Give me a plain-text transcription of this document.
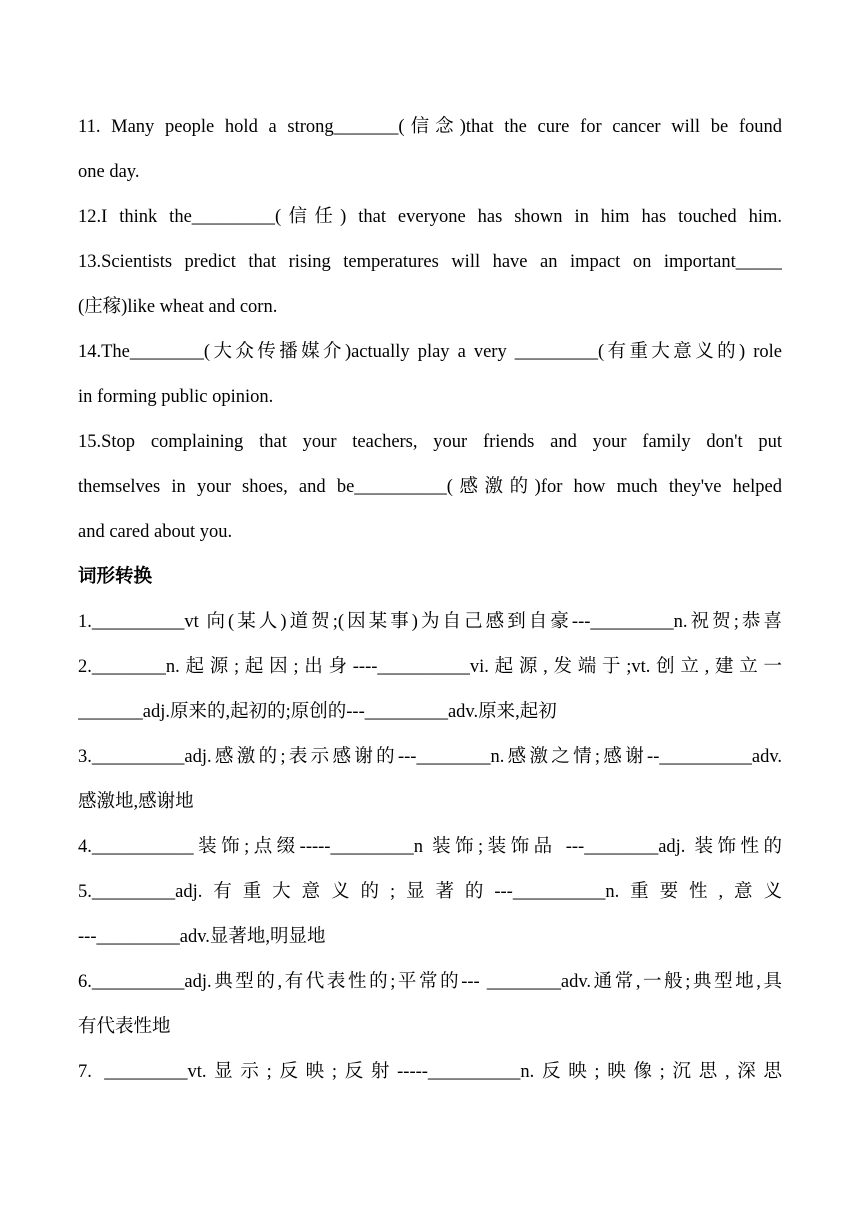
11. Many people hold a strong_______(信念)that the cure for cancer will be found
one day.
12.I think the_________(信任) that everyone has shown in him has touched him.
13.Scientists predict that rising temperatures will have an impact on important_____
(庄稼)like wheat and corn.
14.The________(大众传播媒介)actually play a very _________(有重大意义的) role
in forming public opinion.
15.Stop complaining that your teachers, your friends and your family don't put
themselves in your shoes, and be__________(感激的)for how much they've helped
and cared about you.
词形转换
1.__________vt 向(某人)道贺;(因某事)为自己感到自豪---_________n.祝贺;恭喜
2.________n.起源;起因;出身----__________vi.起源,发端于;vt.创立,建立一
_______adj.原来的,起初的;原创的---_________adv.原来,起初
3.__________adj.感激的;表示感谢的---________n.感激之情;感谢--__________adv.
感激地,感谢地
4.___________装饰;点缀-----_________n 装饰;装饰品 ---________adj. 装饰性的
5._________adj.有重大意义的;显著的---__________n.重要性,意义
---_________adv.显著地,明显地
6.__________adj.典型的,有代表性的;平常的--- ________adv.通常,一般;典型地,具
有代表性地
7. _________vt.显示;反映;反射-----__________n.反映;映像;沉思,深思
